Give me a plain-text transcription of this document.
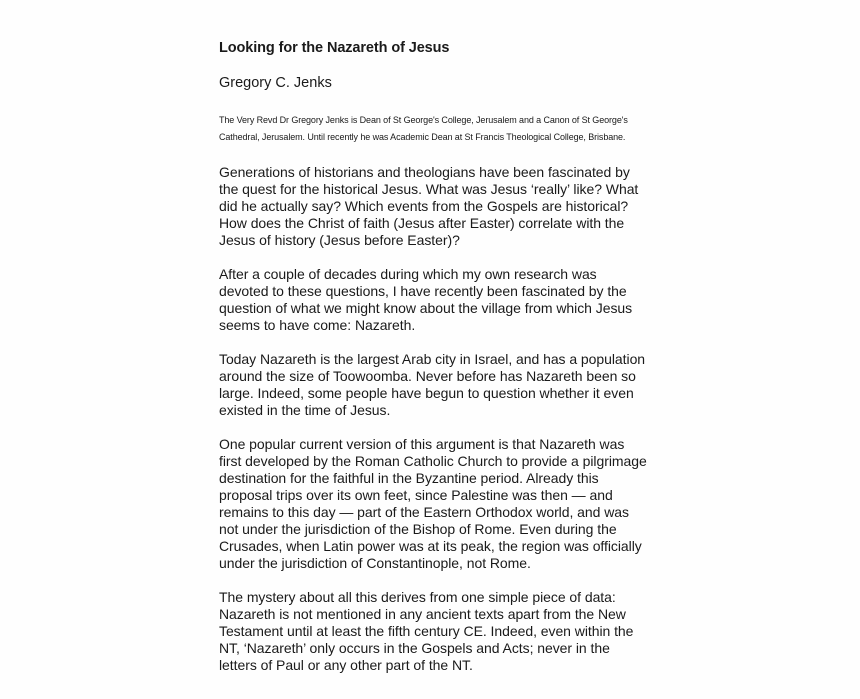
Looking for the Nazareth of Jesus

Gregory C. Jenks

The Very Revd Dr Gregory Jenks is Dean of St George's College, Jerusalem and a Canon of St George's Cathedral, Jerusalem. Until recently he was Academic Dean at St Francis Theological College, Brisbane.

Generations of historians and theologians have been fascinated by the quest for the historical Jesus. What was Jesus ‘really’ like? What did he actually say? Which events from the Gospels are historical? How does the Christ of faith (Jesus after Easter) correlate with the Jesus of history (Jesus before Easter)?

After a couple of decades during which my own research was devoted to these questions, I have recently been fascinated by the question of what we might know about the village from which Jesus seems to have come: Nazareth.

Today Nazareth is the largest Arab city in Israel, and has a population around the size of Toowoomba. Never before has Nazareth been so large. Indeed, some people have begun to question whether it even existed in the time of Jesus.

One popular current version of this argument is that Nazareth was first developed by the Roman Catholic Church to provide a pilgrimage destination for the faithful in the Byzantine period. Already this proposal trips over its own feet, since Palestine was then — and remains to this day — part of the Eastern Orthodox world, and was not under the jurisdiction of the Bishop of Rome. Even during the Crusades, when Latin power was at its peak, the region was officially under the jurisdiction of Constantinople, not Rome.

The mystery about all this derives from one simple piece of data: Nazareth is not mentioned in any ancient texts apart from the New Testament until at least the fifth century CE. Indeed, even within the NT, ‘Nazareth’ only occurs in the Gospels and Acts; never in the letters of Paul or any other part of the NT.
